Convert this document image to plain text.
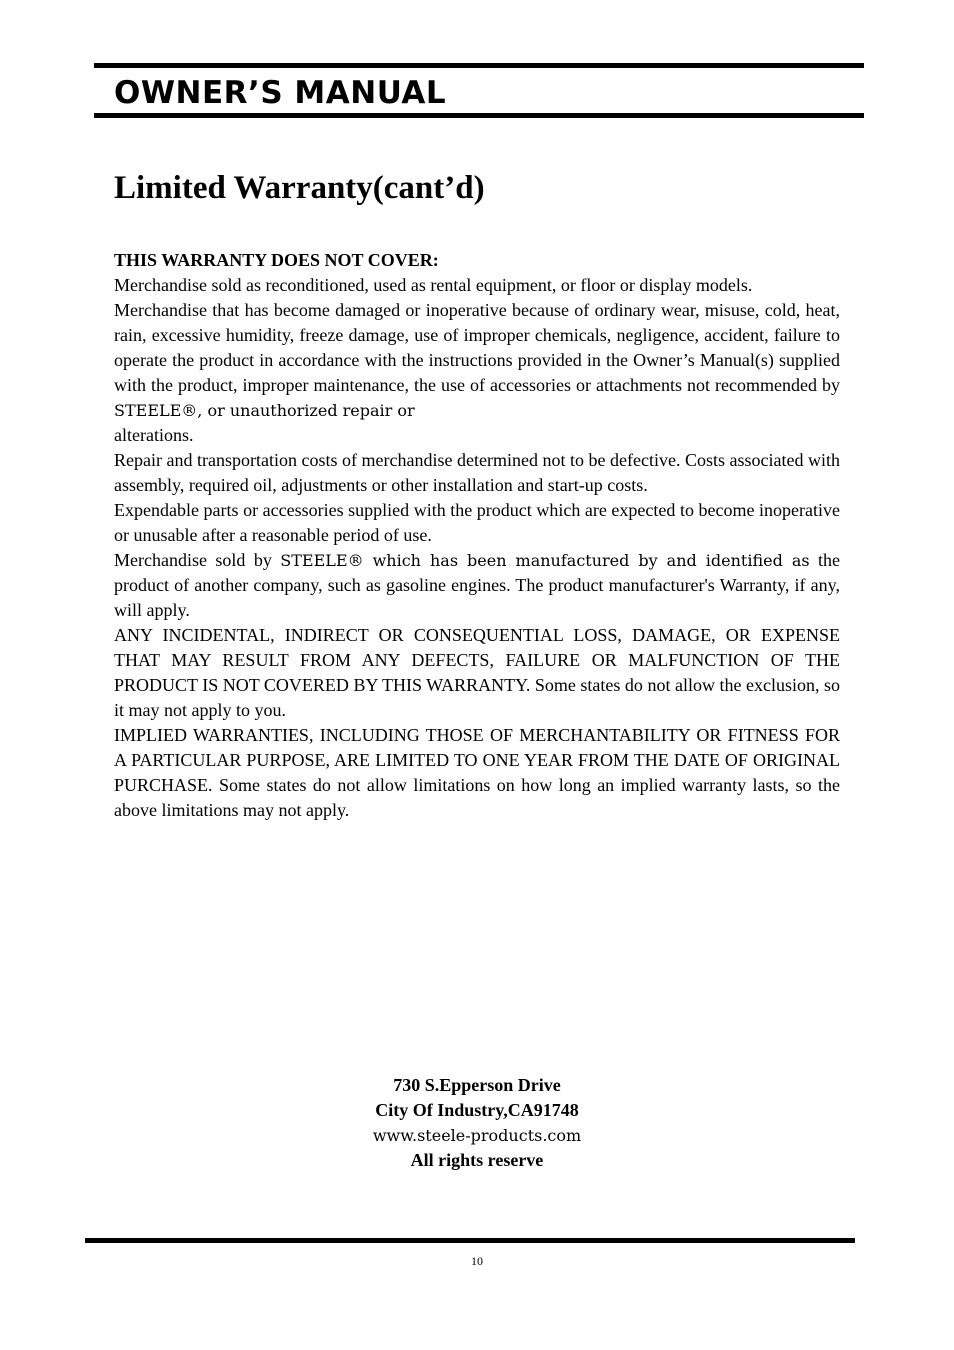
OWNER’S MANUAL
Limited Warranty(cant’d)

THIS WARRANTY DOES NOT COVER:

Merchandise sold as reconditioned, used as rental equipment, or floor or display models.

Merchandise that has become damaged or inoperative because of ordinary wear, misuse, cold, heat, rain, excessive humidity, freeze damage, use of improper chemicals, negligence, accident, failure to operate the product in accordance with the instructions provided in the Owner’s Manual(s) supplied with the product, improper maintenance, the use of accessories or attachments not recommended by STEELE®, or unauthorized repair or
alterations.

Repair and transportation costs of merchandise determined not to be defective. Costs associated with assembly, required oil, adjustments or other installation and start-up costs.

Expendable parts or accessories supplied with the product which are expected to become inoperative or unusable after a reasonable period of use.

Merchandise sold by STEELE® which has been manufactured by and identified as the product of another company, such as gasoline engines. The product manufacturer's Warranty, if any, will apply.

ANY INCIDENTAL, INDIRECT OR CONSEQUENTIAL LOSS, DAMAGE, OR EXPENSE THAT MAY RESULT FROM ANY DEFECTS, FAILURE OR MALFUNCTION OF THE PRODUCT IS NOT COVERED BY THIS WARRANTY. Some states do not allow the exclusion, so it may not apply to you.

IMPLIED WARRANTIES, INCLUDING THOSE OF MERCHANTABILITY OR FITNESS FOR A PARTICULAR PURPOSE, ARE LIMITED TO ONE YEAR FROM THE DATE OF ORIGINAL PURCHASE. Some states do not allow limitations on how long an implied warranty lasts, so the above limitations may not apply.

730 S.Epperson Drive
City Of Industry,CA91748
www.steele-products.com
All rights reserve
10
